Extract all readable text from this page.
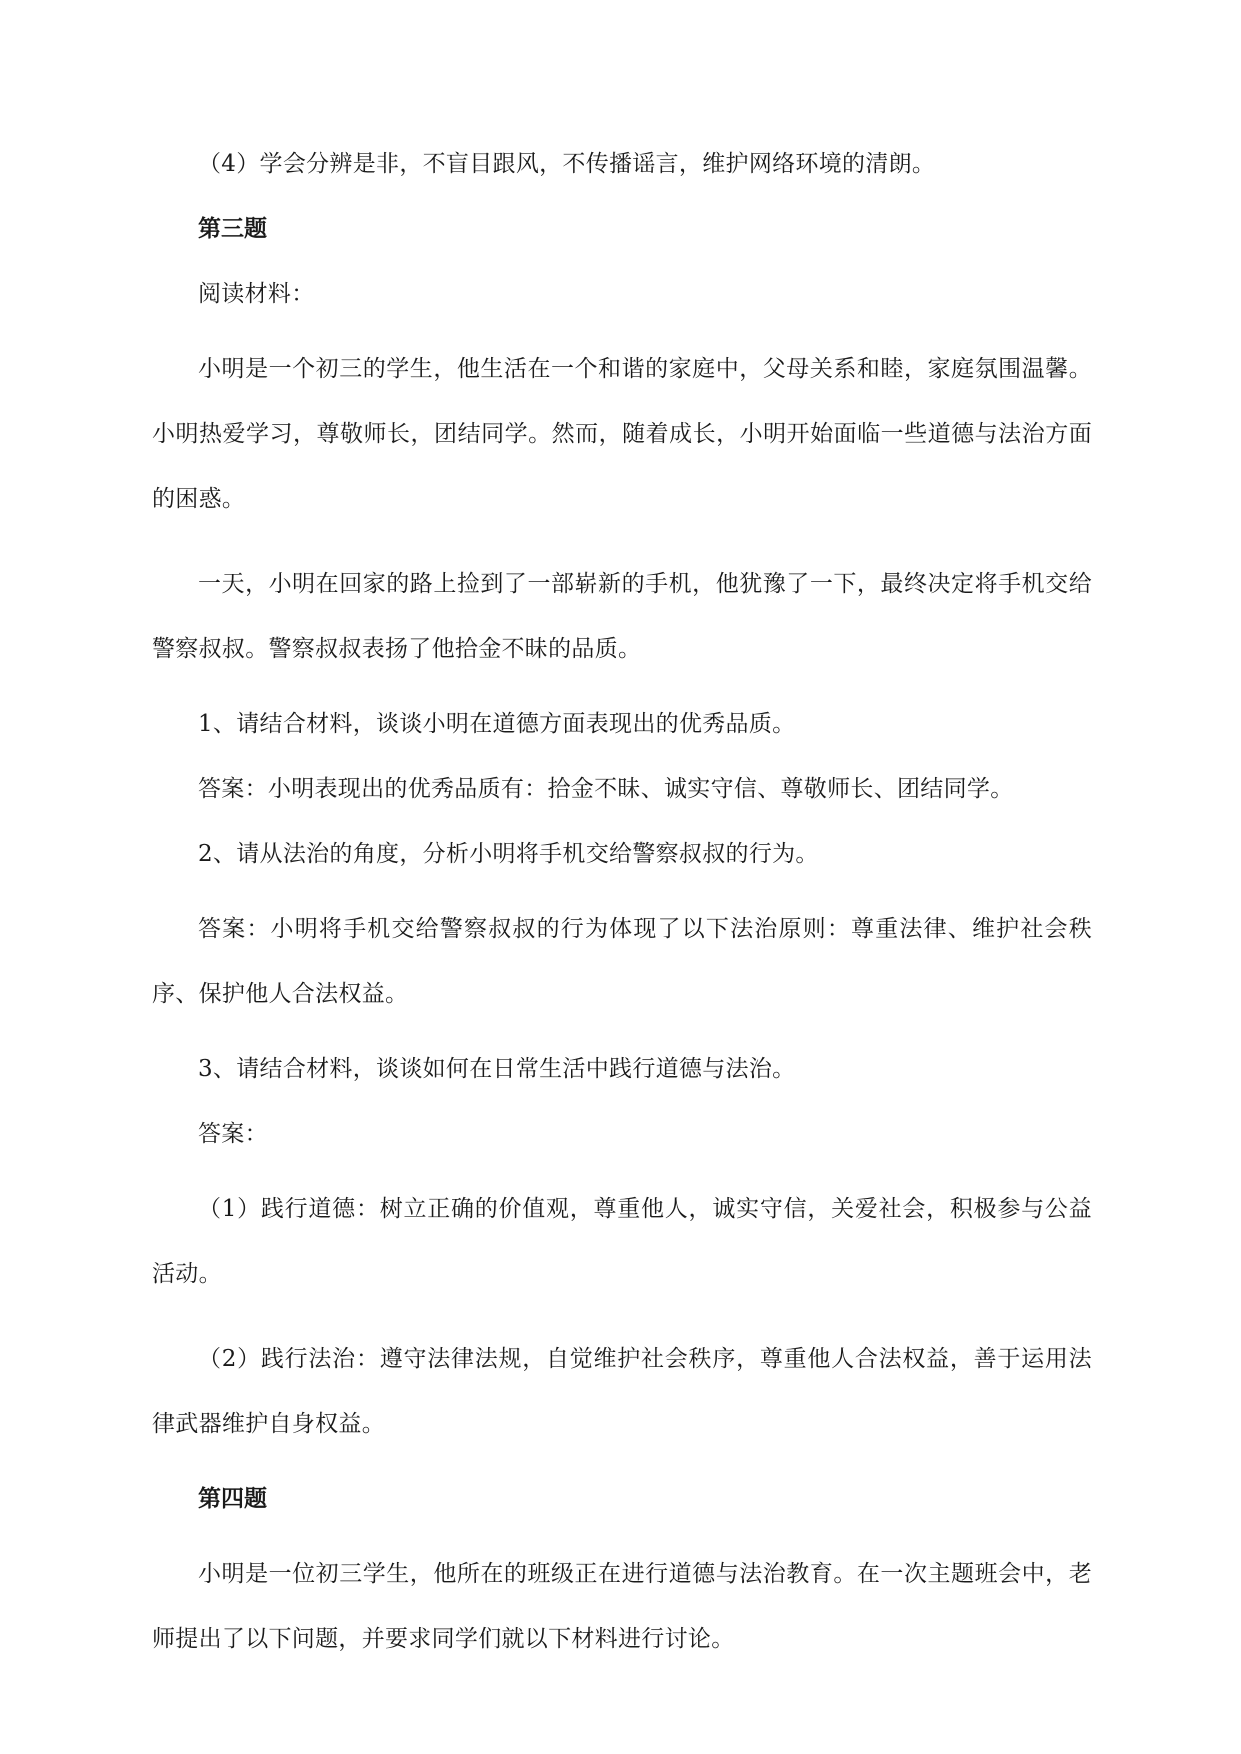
（4）学会分辨是非，不盲目跟风，不传播谣言，维护网络环境的清朗。

第三题

阅读材料：

小明是一个初三的学生，他生活在一个和谐的家庭中，父母关系和睦，家庭氛围温馨。小明热爱学习，尊敬师长，团结同学。然而，随着成长，小明开始面临一些道德与法治方面的困惑。

一天，小明在回家的路上捡到了一部崭新的手机，他犹豫了一下，最终决定将手机交给警察叔叔。警察叔叔表扬了他拾金不昧的品质。

1、请结合材料，谈谈小明在道德方面表现出的优秀品质。

答案：小明表现出的优秀品质有：拾金不昧、诚实守信、尊敬师长、团结同学。

2、请从法治的角度，分析小明将手机交给警察叔叔的行为。

答案：小明将手机交给警察叔叔的行为体现了以下法治原则：尊重法律、维护社会秩序、保护他人合法权益。

3、请结合材料，谈谈如何在日常生活中践行道德与法治。

答案：

（1）践行道德：树立正确的价值观，尊重他人，诚实守信，关爱社会，积极参与公益活动。

（2）践行法治：遵守法律法规，自觉维护社会秩序，尊重他人合法权益，善于运用法律武器维护自身权益。

第四题

小明是一位初三学生，他所在的班级正在进行道德与法治教育。在一次主题班会中，老师提出了以下问题，并要求同学们就以下材料进行讨论。
